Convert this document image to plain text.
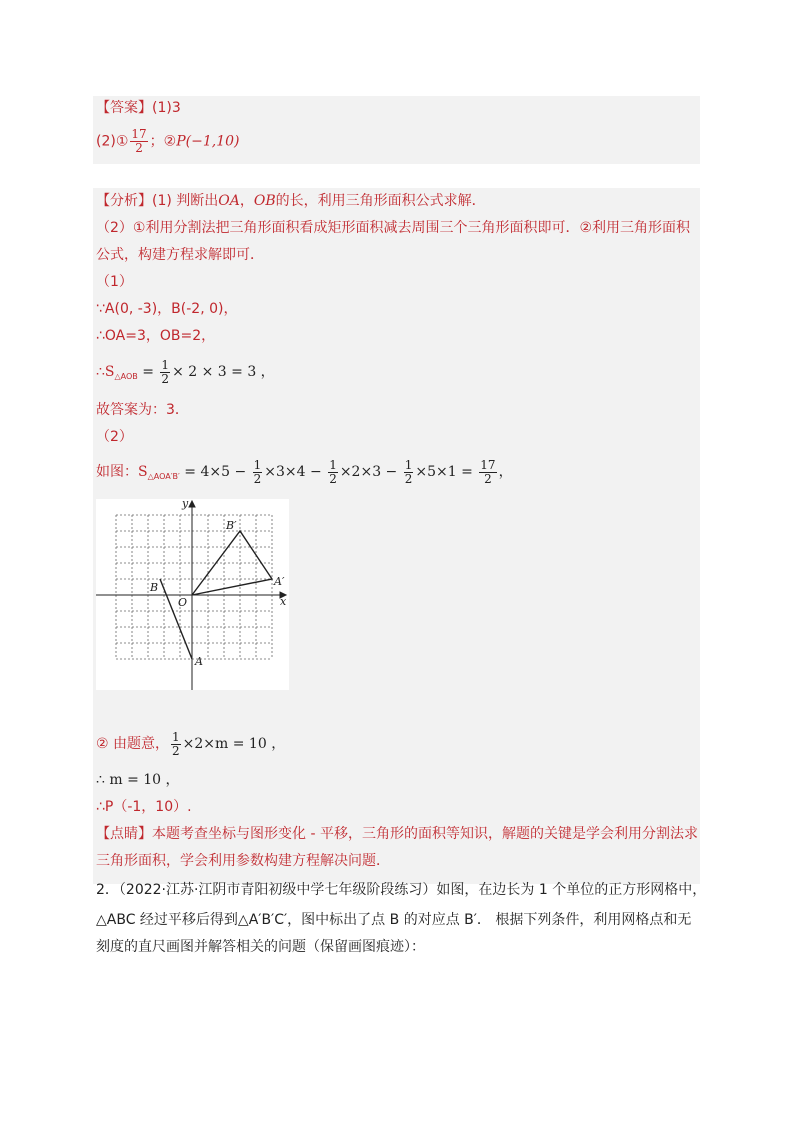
【答案】(1)3
(2)① $\frac{17}{2}$ ；②P(−1,10)
【分析】(1) 判断出OA，OB的长，利用三角形面积公式求解．
（2）①利用分割法把三角形面积看成矩形面积减去周围三个三角形面积即可．②利用三角形面积
公式，构建方程求解即可．
（1）
∵A(0, -3)，B(-2, 0)，
∴OA=3，OB=2，
$\therefore S_{\triangle AOB} = \frac{1}{2} \times 2 \times 3 = 3$ ，
故答案为：3．
（2）
如图：$S_{\triangle AOA'B'} = 4\times 5 - \frac{1}{2} \times 3\times 4 - \frac{1}{2} \times 2\times 3 - \frac{1}{2} \times 5\times 1 = \frac{17}{2}$ ，
y
x
O
A
B
B′
A′
② 由题意， $\frac{1}{2} \times 2\times m = 10$ ，
∴ m = 10 ，
∴P（-1，10）.
【点睛】本题考查坐标与图形变化 - 平移，三角形的面积等知识，解题的关键是学会利用分割法求
三角形面积，学会利用参数构建方程解决问题．
2．（2022·江苏·江阴市青阳初级中学七年级阶段练习）如图，在边长为 1 个单位的正方形网格中，
△ABC 经过平移后得到△A′B′C′，图中标出了点 B 的对应点 B′． 根据下列条件，利用网格点和无
刻度的直尺画图并解答相关的问题（保留画图痕迹）：
